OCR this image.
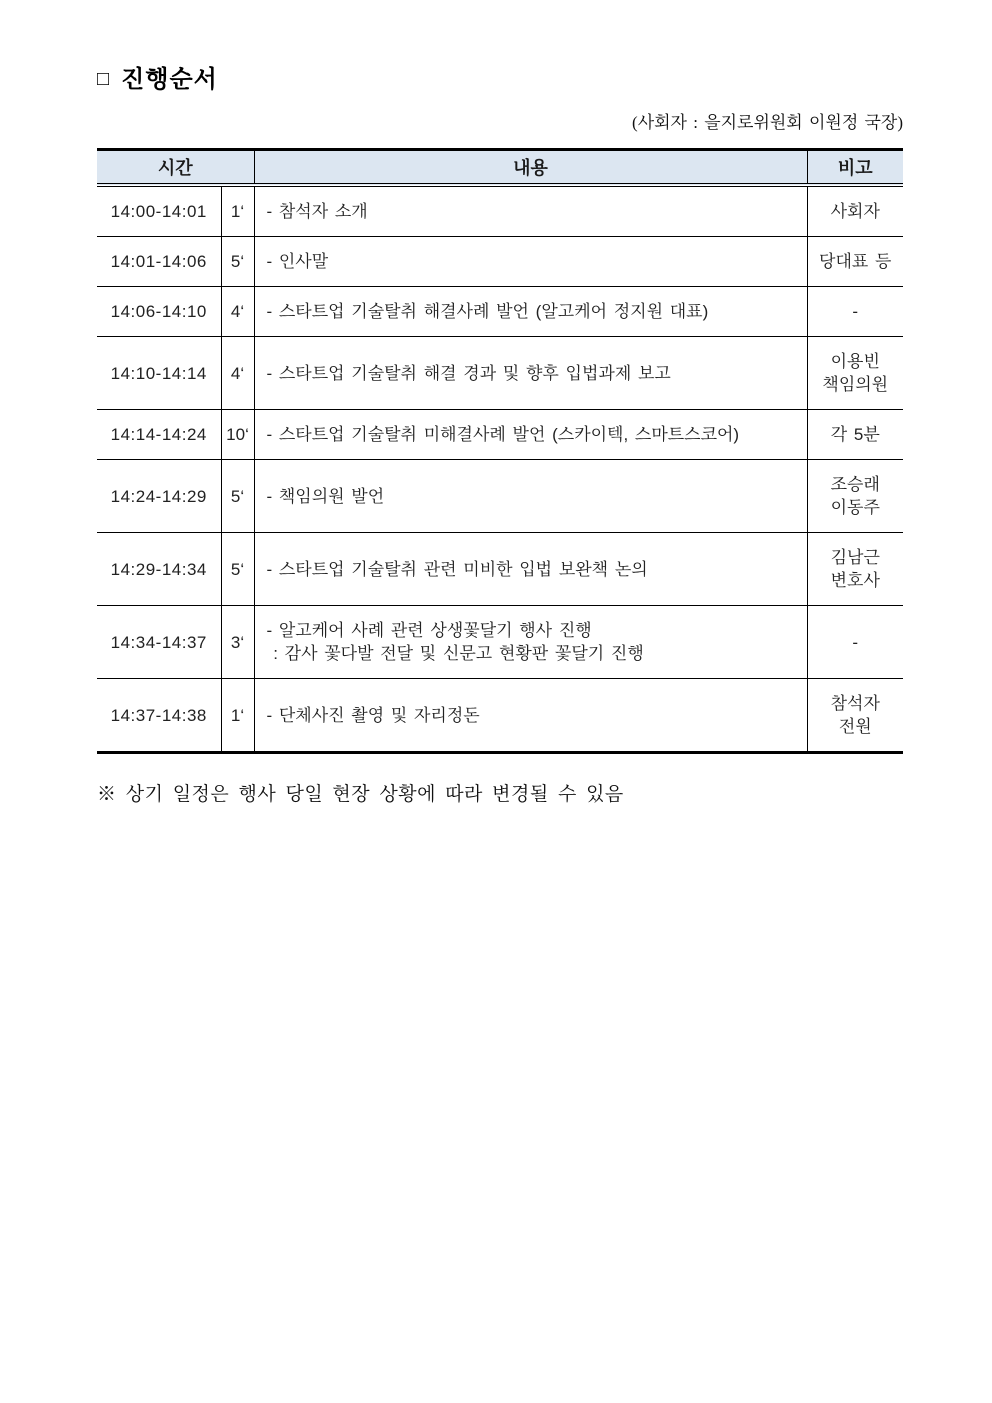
□ 진행순서
(사회자 : 을지로위원회 이원정 국장)
시간		내용	비고
14:00-14:01	1‘	- 참석자 소개	사회자

14:01-14:06	5‘	- 인사말	당대표 등

14:06-14:10	4‘	- 스타트업 기술탈취 해결사례 발언 (알고케어 정지원 대표)	-

14:10-14:14	4‘	- 스타트업 기술탈취 해결 경과 및 향후 입법과제 보고	이용빈
책임의원

14:14-14:24	10‘	- 스타트업 기술탈취 미해결사례 발언 (스카이텍, 스마트스코어)	각 5분

14:24-14:29	5‘	- 책임의원 발언	조승래
이동주

14:29-14:34	5‘	- 스타트업 기술탈취 관련 미비한 입법 보완책 논의	김남근
변호사

14:34-14:37	3‘	- 알고케어 사례 관련 상생꽃달기 행사 진행
: 감사 꽃다발 전달 및 신문고 현황판 꽃달기 진행	-

14:37-14:38	1‘	- 단체사진 촬영 및 자리정돈	참석자
전원
※ 상기 일정은 행사 당일 현장 상황에 따라 변경될 수 있음
